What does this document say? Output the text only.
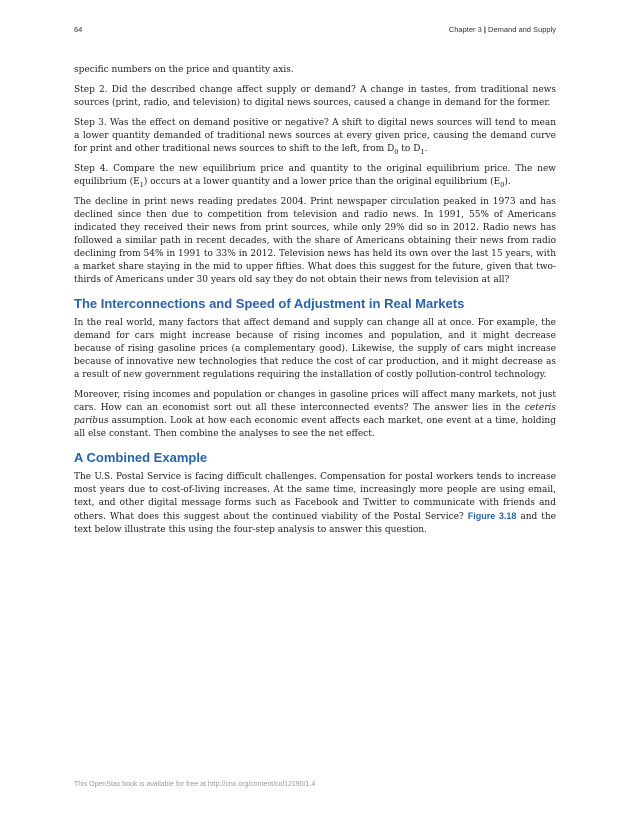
64	Chapter 3 | Demand and Supply

specific numbers on the price and quantity axis.

Step 2. Did the described change affect supply or demand? A change in tastes, from traditional news sources (print, radio, and television) to digital news sources, caused a change in demand for the former.

Step 3. Was the effect on demand positive or negative? A shift to digital news sources will tend to mean a lower quantity demanded of traditional news sources at every given price, causing the demand curve for print and other traditional news sources to shift to the left, from $D_0$ to $D_1$.

Step 4. Compare the new equilibrium price and quantity to the original equilibrium price. The new equilibrium $(E_1)$ occurs at a lower quantity and a lower price than the original equilibrium $(E_0)$.

The decline in print news reading predates 2004. Print newspaper circulation peaked in 1973 and has declined since then due to competition from television and radio news. In 1991, 55% of Americans indicated they received their news from print sources, while only 29% did so in 2012. Radio news has followed a similar path in recent decades, with the share of Americans obtaining their news from radio declining from 54% in 1991 to 33% in 2012. Television news has held its own over the last 15 years, with a market share staying in the mid to upper fifties. What does this suggest for the future, given that two-thirds of Americans under 30 years old say they do not obtain their news from television at all?

The Interconnections and Speed of Adjustment in Real Markets

In the real world, many factors that affect demand and supply can change all at once. For example, the demand for cars might increase because of rising incomes and population, and it might decrease because of rising gasoline prices (a complementary good). Likewise, the supply of cars might increase because of innovative new technologies that reduce the cost of car production, and it might decrease as a result of new government regulations requiring the installation of costly pollution-control technology.

Moreover, rising incomes and population or changes in gasoline prices will affect many markets, not just cars. How can an economist sort out all these interconnected events? The answer lies in the ceteris paribus assumption. Look at how each economic event affects each market, one event at a time, holding all else constant. Then combine the analyses to see the net effect.

A Combined Example

The U.S. Postal Service is facing difficult challenges. Compensation for postal workers tends to increase most years due to cost-of-living increases. At the same time, increasingly more people are using email, text, and other digital message forms such as Facebook and Twitter to communicate with friends and others. What does this suggest about the continued viability of the Postal Service? Figure 3.18 and the text below illustrate this using the four-step analysis to answer this question.

This OpenStax book is available for free at http://cnx.org/content/col12190/1.4
